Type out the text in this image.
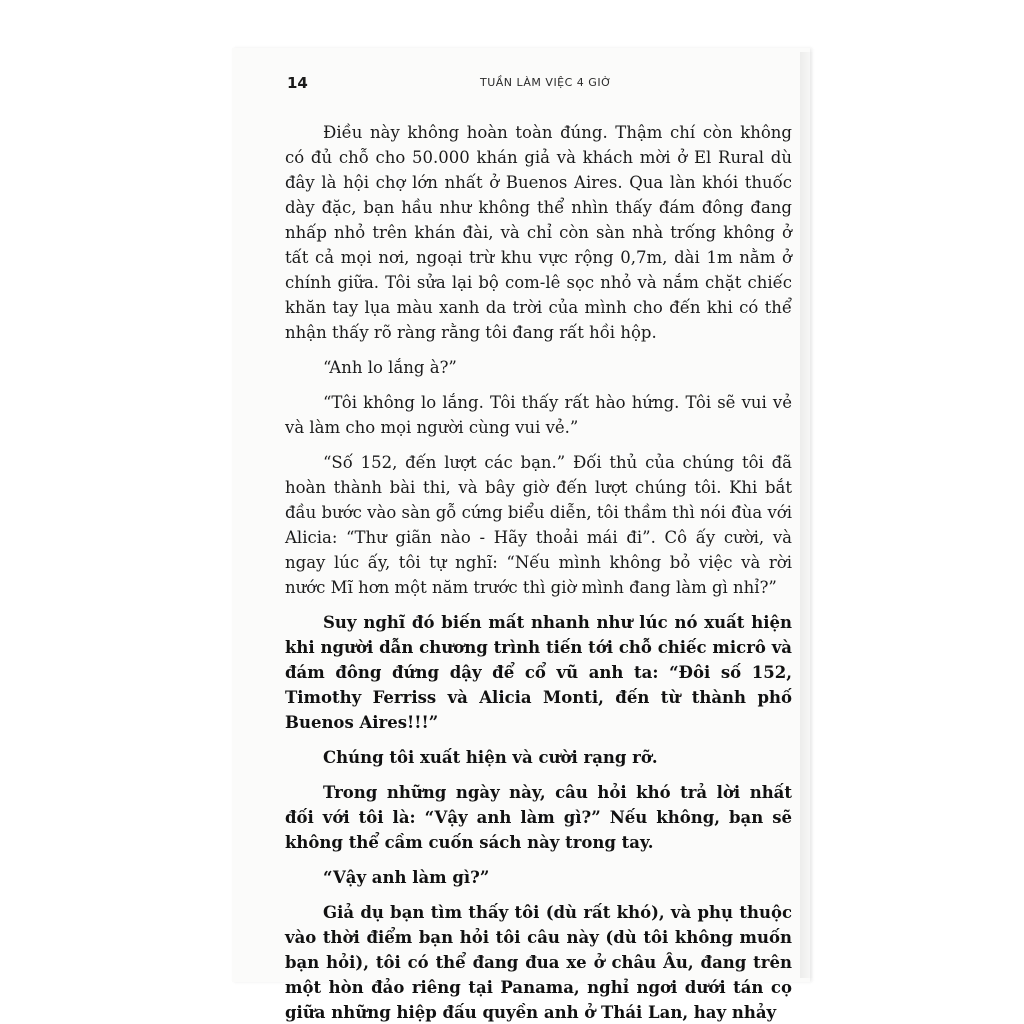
14	TUẦN LÀM VIỆC 4 GIỜ

Điều này không hoàn toàn đúng. Thậm chí còn không có đủ chỗ cho 50.000 khán giả và khách mời ở El Rural dù đây là hội chợ lớn nhất ở Buenos Aires. Qua làn khói thuốc dày đặc, bạn hầu như không thể nhìn thấy đám đông đang nhấp nhỏ trên khán đài, và chỉ còn sàn nhà trống không ở tất cả mọi nơi, ngoại trừ khu vực rộng 0,7m, dài 1m nằm ở chính giữa. Tôi sửa lại bộ com-lê sọc nhỏ và nắm chặt chiếc khăn tay lụa màu xanh da trời của mình cho đến khi có thể nhận thấy rõ ràng rằng tôi đang rất hồi hộp.

“Anh lo lắng à?”

“Tôi không lo lắng. Tôi thấy rất hào hứng. Tôi sẽ vui vẻ và làm cho mọi người cùng vui vẻ.”

“Số 152, đến lượt các bạn.” Đối thủ của chúng tôi đã hoàn thành bài thi, và bây giờ đến lượt chúng tôi. Khi bắt đầu bước vào sàn gỗ cứng biểu diễn, tôi thầm thì nói đùa với Alicia: “Thư giãn nào - Hãy thoải mái đi”. Cô ấy cười, và ngay lúc ấy, tôi tự nghĩ: “Nếu mình không bỏ việc và rời nước Mĩ hơn một năm trước thì giờ mình đang làm gì nhỉ?”

Suy nghĩ đó biến mất nhanh như lúc nó xuất hiện khi người dẫn chương trình tiến tới chỗ chiếc micrô và đám đông đứng dậy để cổ vũ anh ta: “Đôi số 152, Timothy Ferriss và Alicia Monti, đến từ thành phố Buenos Aires!!!”

Chúng tôi xuất hiện và cười rạng rỡ.

Trong những ngày này, câu hỏi khó trả lời nhất đối với tôi là: “Vậy anh làm gì?” Nếu không, bạn sẽ không thể cầm cuốn sách này trong tay.

“Vậy anh làm gì?”

Giả dụ bạn tìm thấy tôi (dù rất khó), và phụ thuộc vào thời điểm bạn hỏi tôi câu này (dù tôi không muốn bạn hỏi), tôi có thể đang đua xe ở châu Âu, đang trên một hòn đảo riêng tại Panama, nghỉ ngơi dưới tán cọ giữa những hiệp đấu quyền anh ở Thái Lan, hay nhảy
